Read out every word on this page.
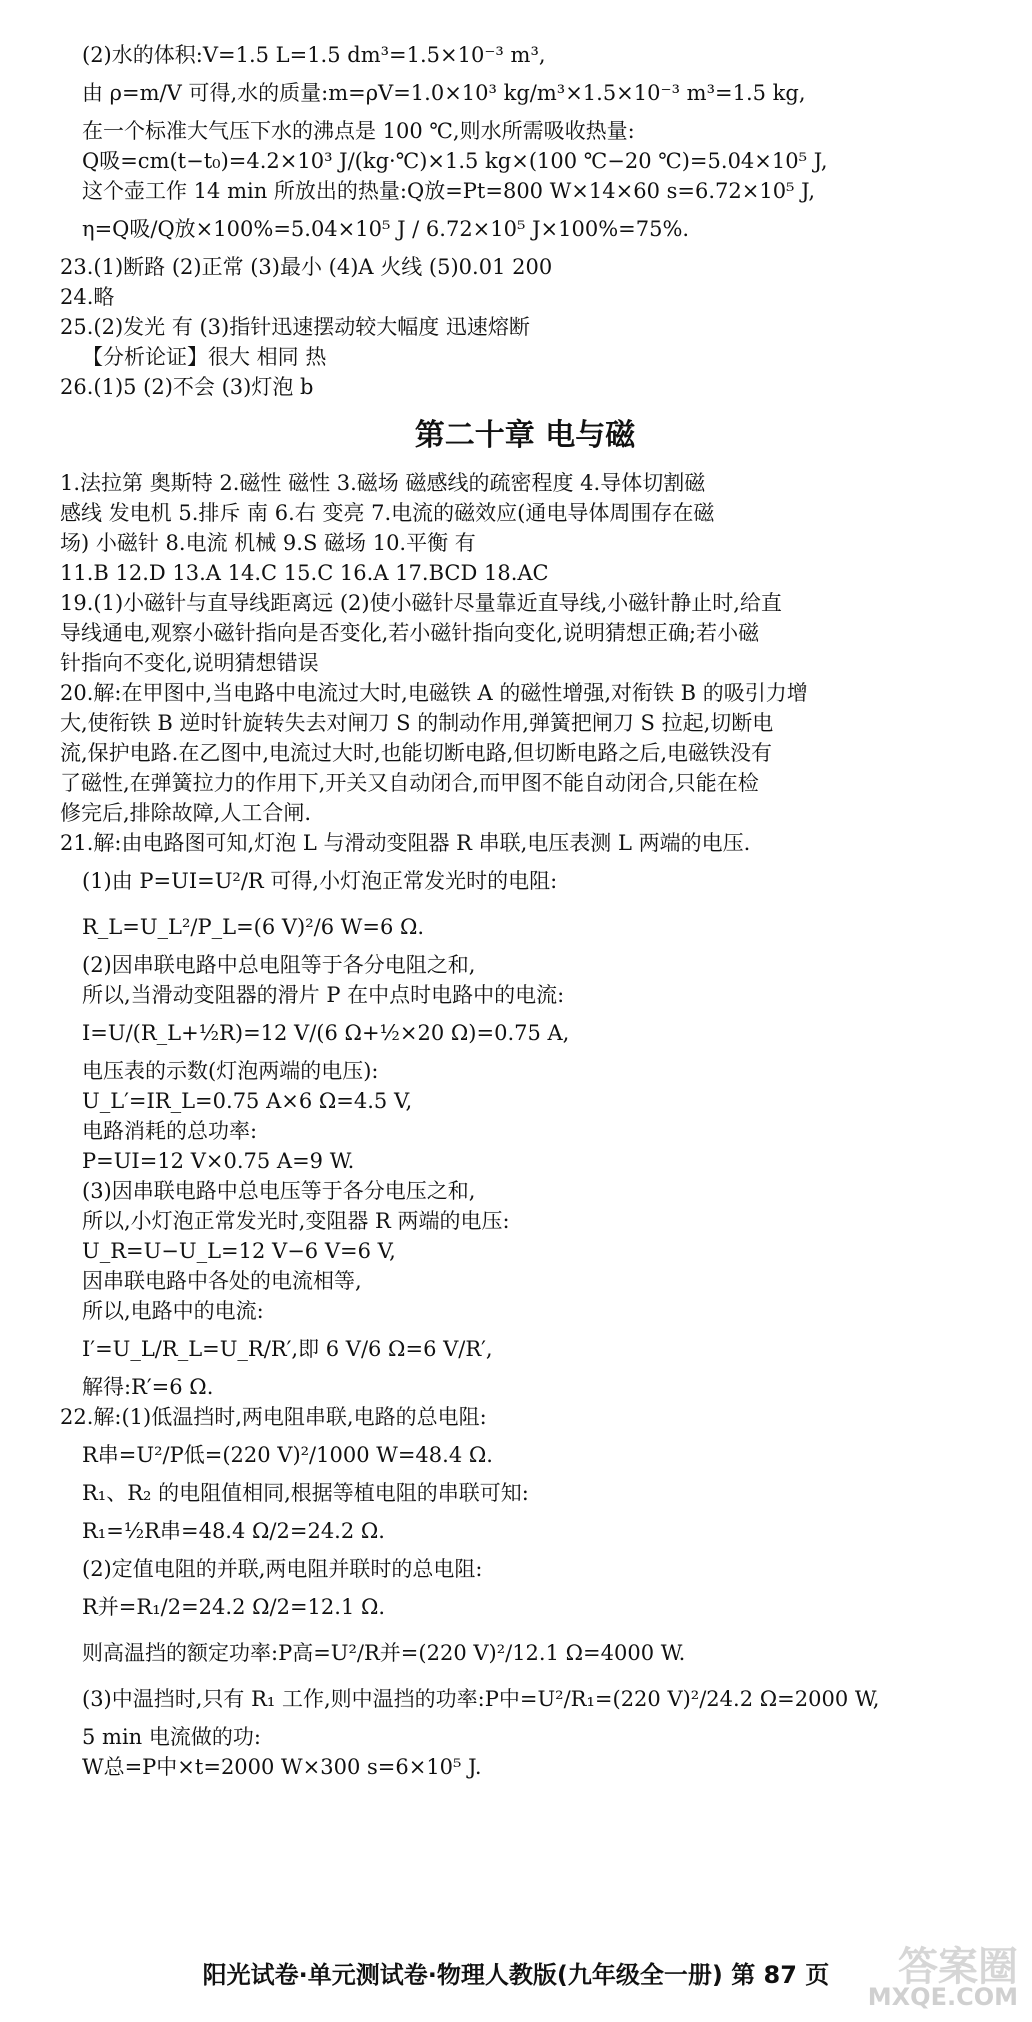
(2)水的体积:V=1.5 L=1.5 dm³=1.5×10⁻³ m³,

由 ρ=m/V 可得,水的质量:m=ρV=1.0×10³ kg/m³×1.5×10⁻³ m³=1.5 kg,

在一个标准大气压下水的沸点是 100 ℃,则水所需吸收热量:

Q吸=cm(t−t₀)=4.2×10³ J/(kg·℃)×1.5 kg×(100 ℃−20 ℃)=5.04×10⁵ J,

这个壶工作 14 min 所放出的热量:Q放=Pt=800 W×14×60 s=6.72×10⁵ J,

η=Q吸/Q放×100%=5.04×10⁵ J / 6.72×10⁵ J×100%=75%.

23.(1)断路 (2)正常 (3)最小 (4)A 火线 (5)0.01 200

24.略

25.(2)发光 有 (3)指针迅速摆动较大幅度 迅速熔断

【分析论证】很大 相同 热

26.(1)5 (2)不会 (3)灯泡 b

第二十章 电与磁

1.法拉第 奥斯特 2.磁性 磁性 3.磁场 磁感线的疏密程度 4.导体切割磁

感线 发电机 5.排斥 南 6.右 变亮 7.电流的磁效应(通电导体周围存在磁

场) 小磁针 8.电流 机械 9.S 磁场 10.平衡 有

11.B 12.D 13.A 14.C 15.C 16.A 17.BCD 18.AC

19.(1)小磁针与直导线距离远 (2)使小磁针尽量靠近直导线,小磁针静止时,给直

导线通电,观察小磁针指向是否变化,若小磁针指向变化,说明猜想正确;若小磁

针指向不变化,说明猜想错误

20.解:在甲图中,当电路中电流过大时,电磁铁 A 的磁性增强,对衔铁 B 的吸引力增

大,使衔铁 B 逆时针旋转失去对闸刀 S 的制动作用,弹簧把闸刀 S 拉起,切断电

流,保护电路.在乙图中,电流过大时,也能切断电路,但切断电路之后,电磁铁没有

了磁性,在弹簧拉力的作用下,开关又自动闭合,而甲图不能自动闭合,只能在检

修完后,排除故障,人工合闸.

21.解:由电路图可知,灯泡 L 与滑动变阻器 R 串联,电压表测 L 两端的电压.

(1)由 P=UI=U²/R 可得,小灯泡正常发光时的电阻:

R_L=U_L²/P_L=(6 V)²/6 W=6 Ω.

(2)因串联电路中总电阻等于各分电阻之和,

所以,当滑动变阻器的滑片 P 在中点时电路中的电流:

I=U/(R_L+½R)=12 V/(6 Ω+½×20 Ω)=0.75 A,

电压表的示数(灯泡两端的电压):

U_L′=IR_L=0.75 A×6 Ω=4.5 V,

电路消耗的总功率:

P=UI=12 V×0.75 A=9 W.

(3)因串联电路中总电压等于各分电压之和,

所以,小灯泡正常发光时,变阻器 R 两端的电压:

U_R=U−U_L=12 V−6 V=6 V,

因串联电路中各处的电流相等,

所以,电路中的电流:

I′=U_L/R_L=U_R/R′,即 6 V/6 Ω=6 V/R′,

解得:R′=6 Ω.

22.解:(1)低温挡时,两电阻串联,电路的总电阻:

R串=U²/P低=(220 V)²/1000 W=48.4 Ω.

R₁、R₂ 的电阻值相同,根据等植电阻的串联可知:

R₁=½R串=48.4 Ω/2=24.2 Ω.

(2)定值电阻的并联,两电阻并联时的总电阻:

R并=R₁/2=24.2 Ω/2=12.1 Ω.

则高温挡的额定功率:P高=U²/R并=(220 V)²/12.1 Ω=4000 W.

(3)中温挡时,只有 R₁ 工作,则中温挡的功率:P中=U²/R₁=(220 V)²/24.2 Ω=2000 W,

5 min 电流做的功:

W总=P中×t=2000 W×300 s=6×10⁵ J.

阳光试卷·单元测试卷·物理人教版(九年级全一册) 第 87 页	答案圈
MXQE.COM
